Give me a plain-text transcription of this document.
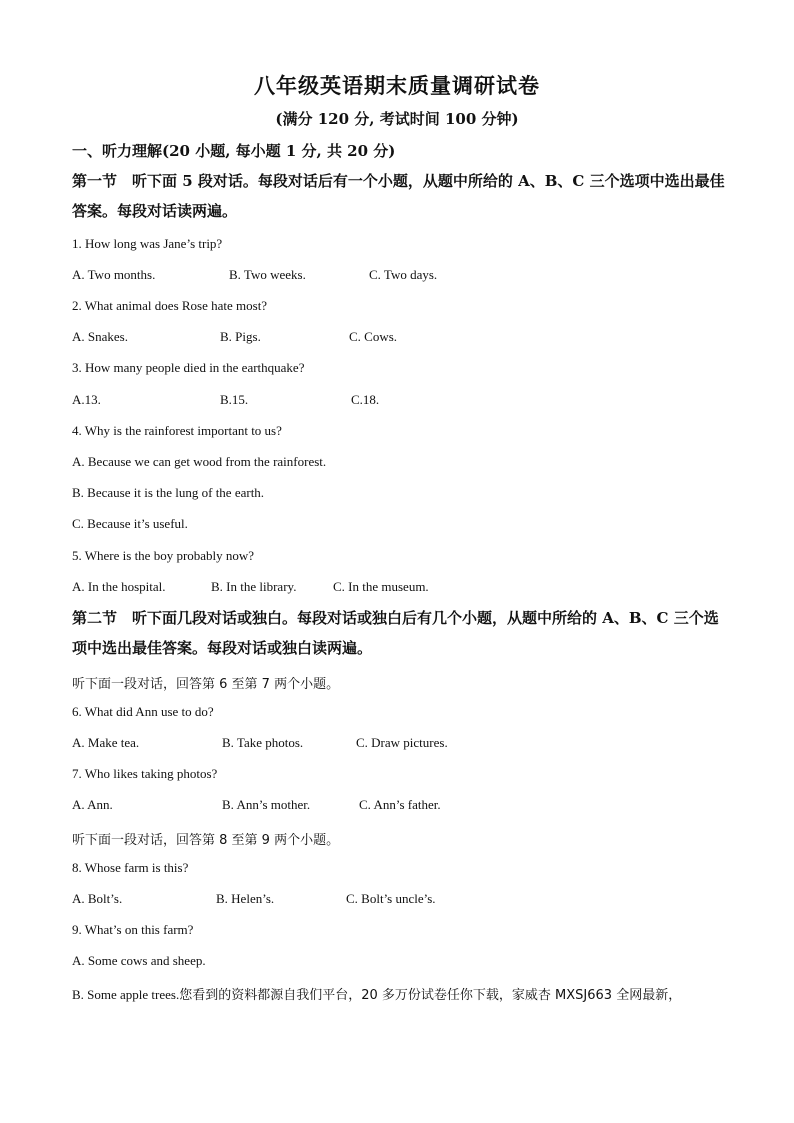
八年级英语期末质量调研试卷
(满分 120 分, 考试时间 100 分钟)
一、听力理解(20 小题, 每小题 1 分, 共 20 分)
第一节　听下面 5 段对话。每段对话后有一个小题，从题中所给的 A、B、C 三个选项中选出最佳答案。每段对话读两遍。
1. How long was Jane’s trip?
A. Two months.	B. Two weeks.	C. Two days.
2. What animal does Rose hate most?
A. Snakes.	B. Pigs.	C. Cows.
3. How many people died in the earthquake?
A.13.	B.15.	C.18.
4. Why is the rainforest important to us?
A. Because we can get wood from the rainforest.
B. Because it is the lung of the earth.
C. Because it’s useful.
5. Where is the boy probably now?
A. In the hospital.	B. In the library.	C. In the museum.
第二节　听下面几段对话或独白。每段对话或独白后有几个小题，从题中所给的 A、B、C 三个选项中选出最佳答案。每段对话或独白读两遍。
听下面一段对话，回答第 6 至第 7 两个小题。
6. What did Ann use to do?
A. Make tea.	B. Take photos.	C. Draw pictures.
7. Who likes taking photos?
A. Ann.	B. Ann’s mother.	C. Ann’s father.
听下面一段对话，回答第 8 至第 9 两个小题。
8. Whose farm is this?
A. Bolt’s.	B. Helen’s.	C. Bolt’s uncle’s.
9. What’s on this farm?
A. Some cows and sheep.
B. Some apple trees.您看到的资料都源自我们平台，20 多万份试卷任你下载，家威杏 MXSJ663 全网最新，
